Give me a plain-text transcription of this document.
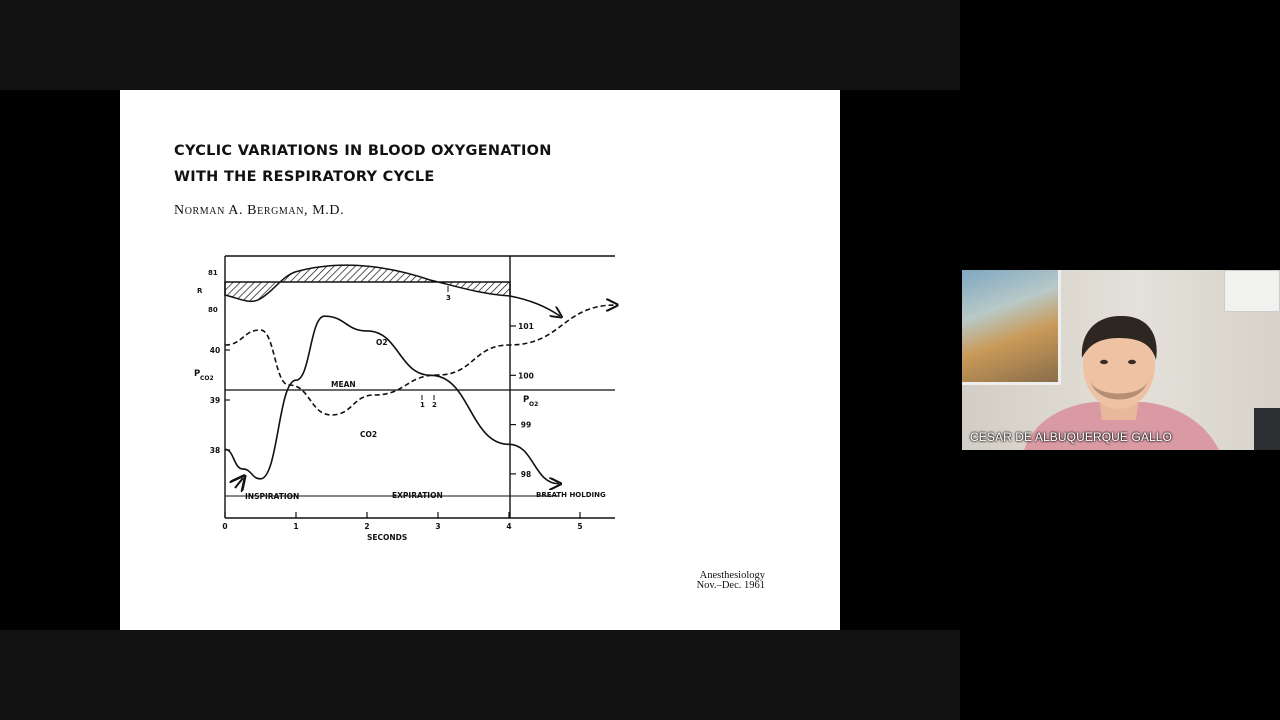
CYCLIC VARIATIONS IN BLOOD OXYGENATION
WITH THE RESPIRATORY CYCLE
Norman A. Bergman, M.D.
0	1	2	3	4	5
38
39
40
98
99
100
101
SECONDS
P CO2
P O2
R
81
80
MEAN
O2
CO2
INSPIRATION	EXPIRATION	BREATH HOLDING
1 2
3
Anesthesiology
Nov.–Dec. 1961
CESAR DE ALBUQUERQUE GALLO
